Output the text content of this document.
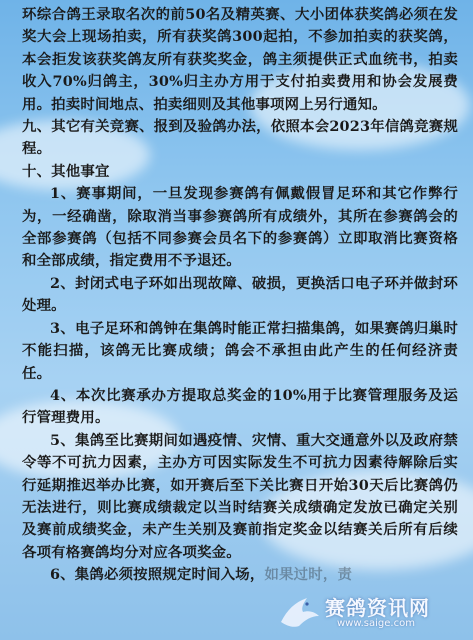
环综合鸽王录取名次的前50名及精英赛、大小团体获奖鸽必须在发奖大会上现场拍卖，所有获奖鸽300起拍，不参加拍卖的获奖鸽，本会拒发该获奖鸽友所有获奖奖金，鸽主须提供正式血统书，拍卖收入70%归鸽主，30%归主办方用于支付拍卖费用和协会发展费用。拍卖时间地点、拍卖细则及其他事项网上另行通知。

九、其它有关竞赛、报到及验鸽办法，依照本会2023年信鸽竞赛规程。

十、其他事宜

1、赛事期间，一旦发现参赛鸽有佩戴假冒足环和其它作弊行为，一经确凿，除取消当事参赛鸽所有成绩外，其所在参赛鸽会的全部参赛鸽（包括不同参赛会员名下的参赛鸽）立即取消比赛资格和全部成绩，指定费用不予退还。

2、封闭式电子环如出现故障、破损，更换活口电子环并做封环处理。

3、电子足环和鸽钟在集鸽时能正常扫描集鸽，如果赛鸽归巢时不能扫描，该鸽无比赛成绩；鸽会不承担由此产生的任何经济责任。

4、本次比赛承办方提取总奖金的10%用于比赛管理服务及运行管理费用。

5、集鸽至比赛期间如遇疫情、灾情、重大交通意外以及政府禁令等不可抗力因素，主办方可因实际发生不可抗力因素待解除后实行延期推迟举办比赛，如开赛后至下关比赛日开始30天后比赛鸽仍无法进行，则比赛成绩裁定以当时结赛关成绩确定发放已确定关别及赛前成绩奖金，未产生关别及赛前指定奖金以结赛关后所有后续各项有格赛鸽均分对应各项奖金。

6、集鸽必须按照规定时间入场，如果过时，责

赛鸽资讯网
www.saige.com
